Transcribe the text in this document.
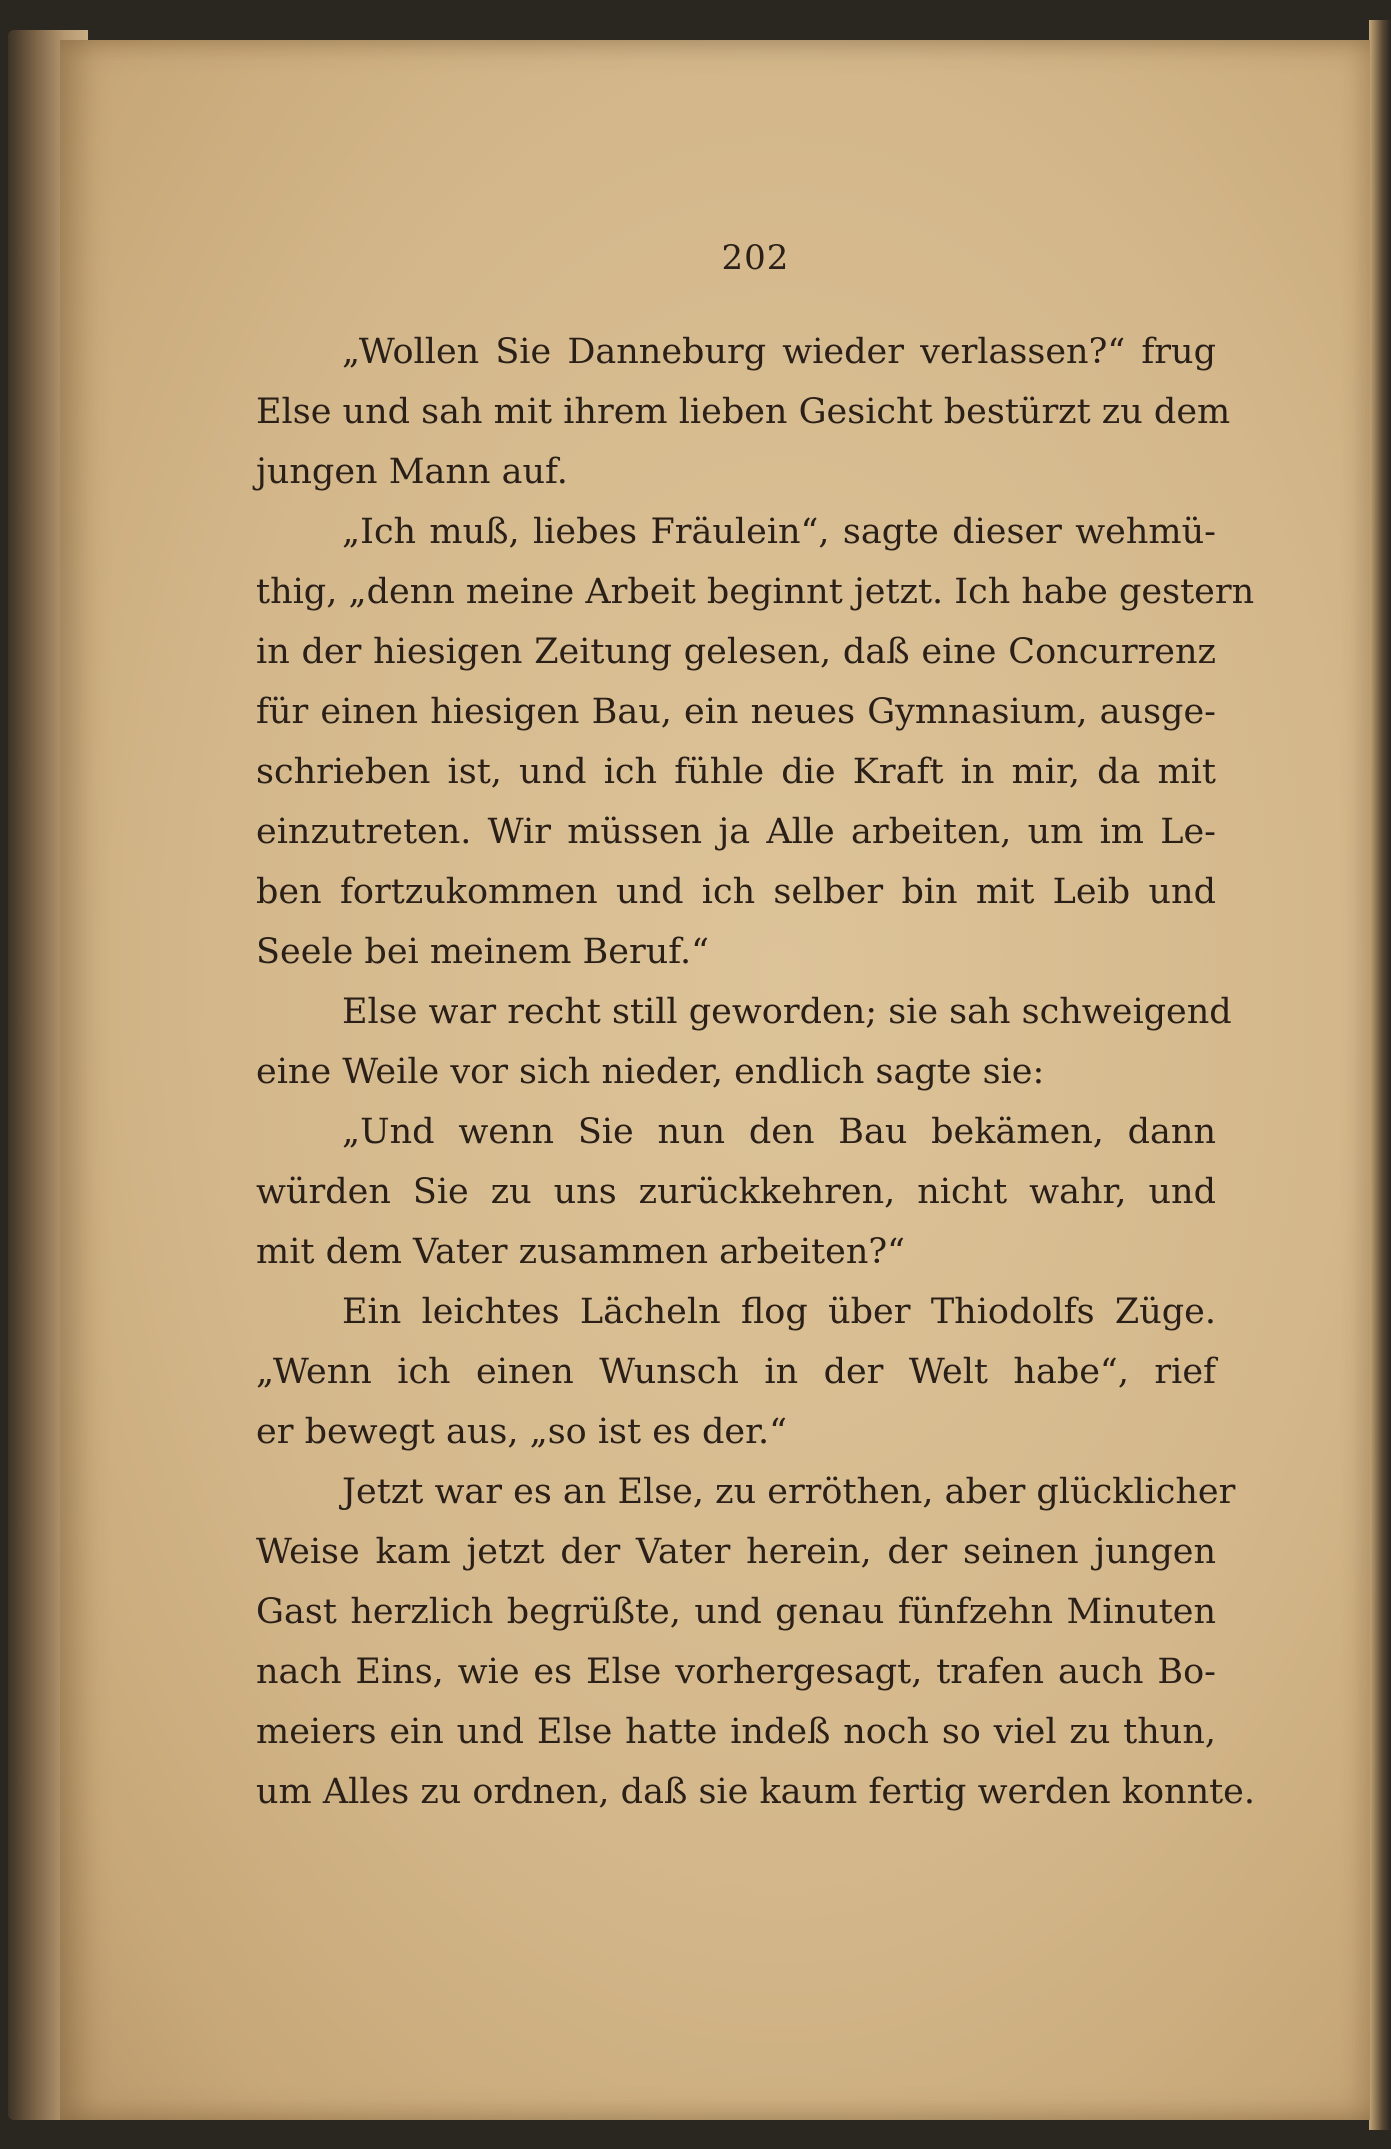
202
„Wollen Sie Danneburg wieder verlassen?“ frug
Else und sah mit ihrem lieben Gesicht bestürzt zu dem
jungen Mann auf.
„Ich muß, liebes Fräulein“, sagte dieser wehmü-
thig, „denn meine Arbeit beginnt jetzt. Ich habe gestern
in der hiesigen Zeitung gelesen, daß eine Concurrenz
für einen hiesigen Bau, ein neues Gymnasium, ausge-
schrieben ist, und ich fühle die Kraft in mir, da mit
einzutreten. Wir müssen ja Alle arbeiten, um im Le-
ben fortzukommen und ich selber bin mit Leib und
Seele bei meinem Beruf.“
Else war recht still geworden; sie sah schweigend
eine Weile vor sich nieder, endlich sagte sie:
„Und wenn Sie nun den Bau bekämen, dann
würden Sie zu uns zurückkehren, nicht wahr, und
mit dem Vater zusammen arbeiten?“
Ein leichtes Lächeln flog über Thiodolfs Züge.
„Wenn ich einen Wunsch in der Welt habe“, rief
er bewegt aus, „so ist es der.“
Jetzt war es an Else, zu erröthen, aber glücklicher
Weise kam jetzt der Vater herein, der seinen jungen
Gast herzlich begrüßte, und genau fünfzehn Minuten
nach Eins, wie es Else vorhergesagt, trafen auch Bo-
meiers ein und Else hatte indeß noch so viel zu thun,
um Alles zu ordnen, daß sie kaum fertig werden konnte.
